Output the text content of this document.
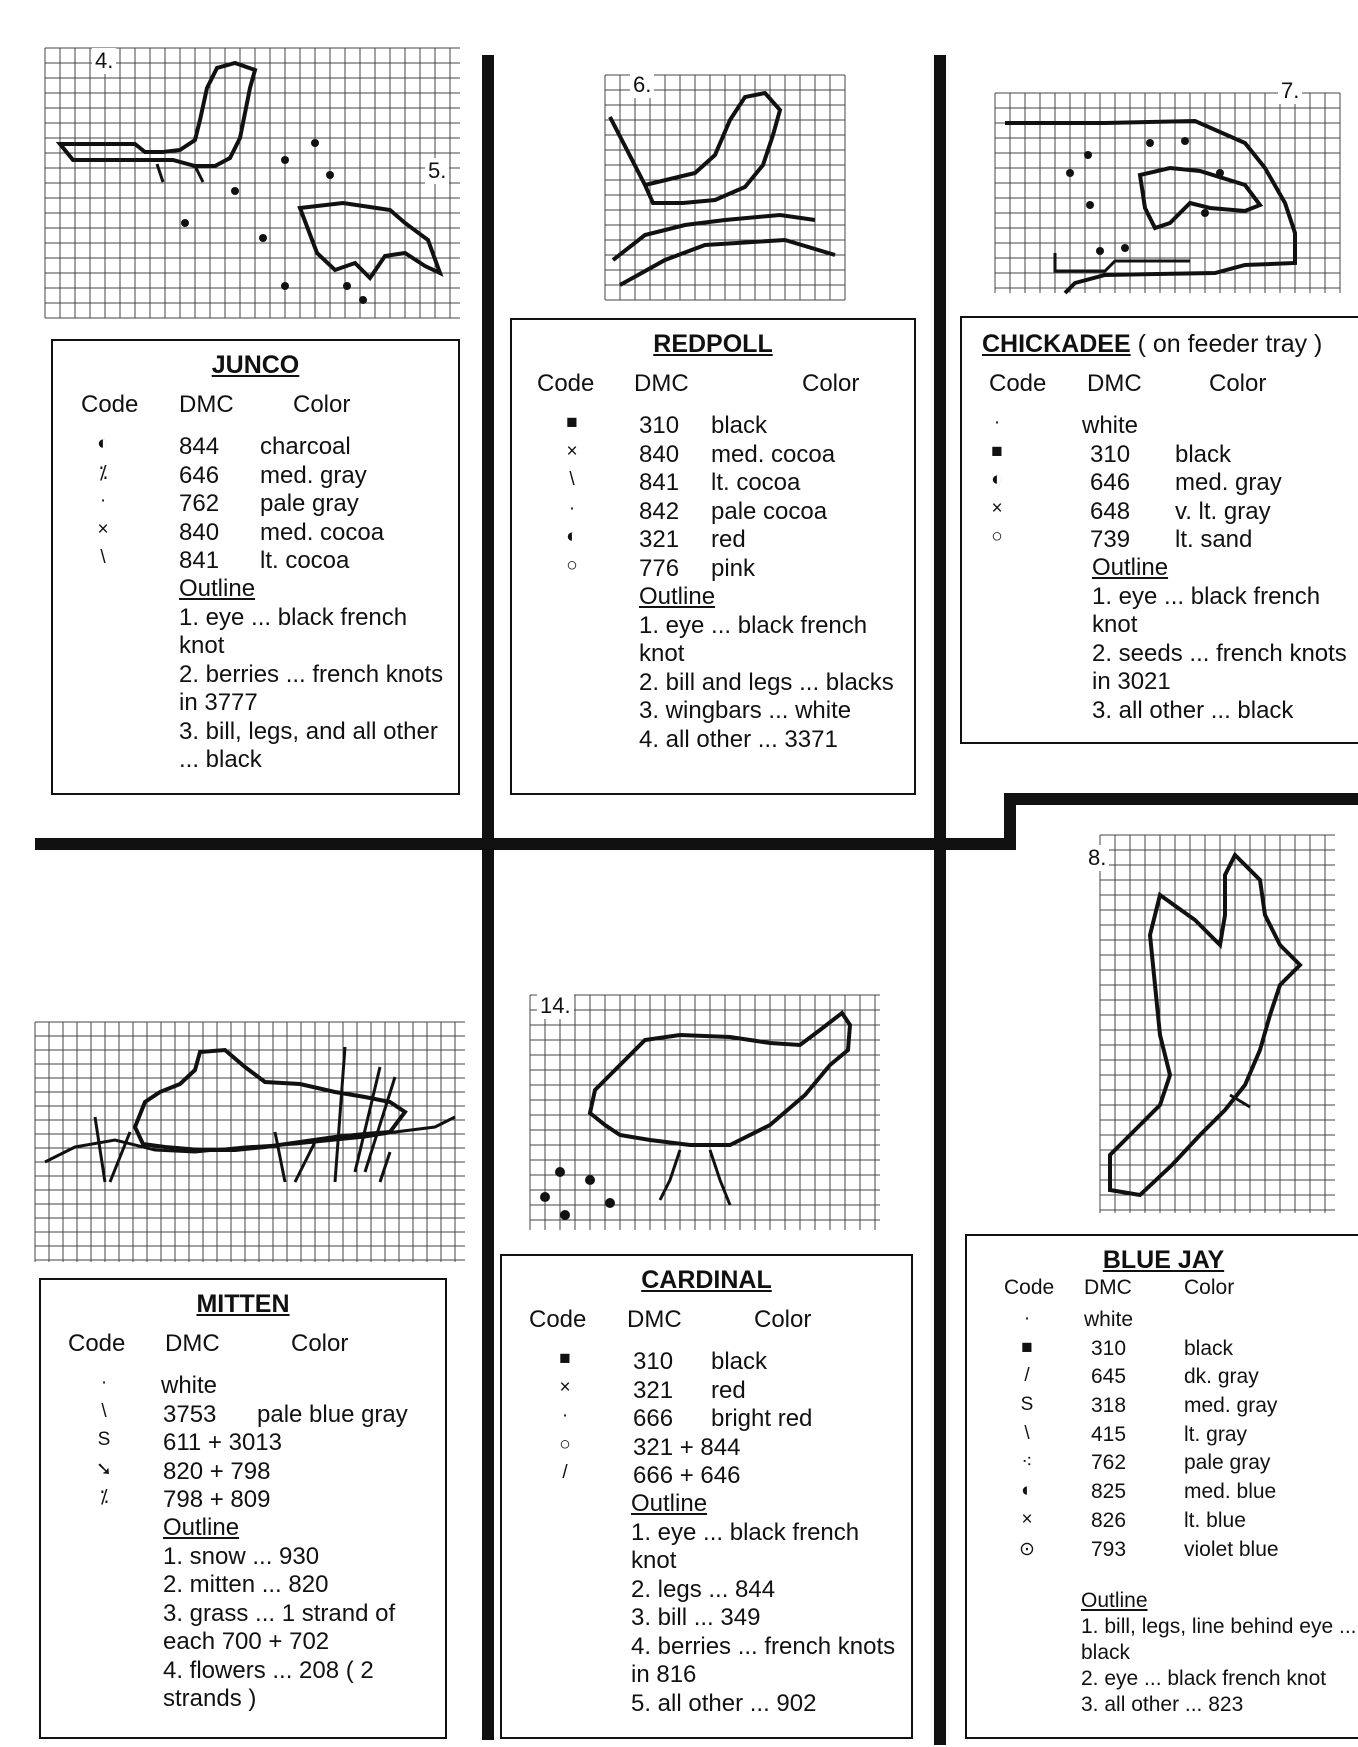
4.
5.
6.	7.
8.
14.
JUNCO
Code DMC Color
◐	844 charcoal
⁒	646 med. gray
·	762 pale gray
×	840 med. cocoa
\	841 lt. cocoa
Outline
1. eye ... black french knot
2. berries ... french knots in 3777
3. bill, legs, and all other ... black
REDPOLL
Code DMC	Color
■	310 black
×	840 med. cocoa
\	841 lt. cocoa
·	842 pale cocoa
◐	321 red
○	776 pink
Outline
1. eye ... black french knot
2. bill and legs ... blacks
3. wingbars ... white
4. all other ... 3371
CHICKADEE ( on feeder tray )
Code DMC	Color
·	white
■	310 black
◐	646 med. gray
×	648 v. lt. gray
○	739 lt. sand
Outline
1. eye ... black french knot
2. seeds ... french knots in 3021
3. all other ... black
MITTEN
Code DMC	Color
·	white
\	3753 pale blue gray
S	611 + 3013
➘	820 + 798
⁒	798 + 809
Outline
1. snow ... 930
2. mitten ... 820
3. grass ... 1 strand of each 700 + 702
4. flowers ... 208 ( 2 strands )
CARDINAL
Code DMC	Color
■	310 black
×	321 red
·	666 bright red
○	321 + 844
/	666 + 646
Outline
1. eye ... black french knot
2. legs ... 844
3. bill ... 349
4. berries ... french knots in 816
5. all other ... 902
BLUE JAY
Code DMC Color
·	white
■	310	black
/	645	dk. gray
S	318	med. gray
\	415	lt. gray
⁖	762	pale gray
◐	825	med. blue
×	826	lt. blue
⊙	793	violet blue
Outline
1. bill, legs, line behind eye ... black
2. eye ... black french knot
3. all other ... 823
